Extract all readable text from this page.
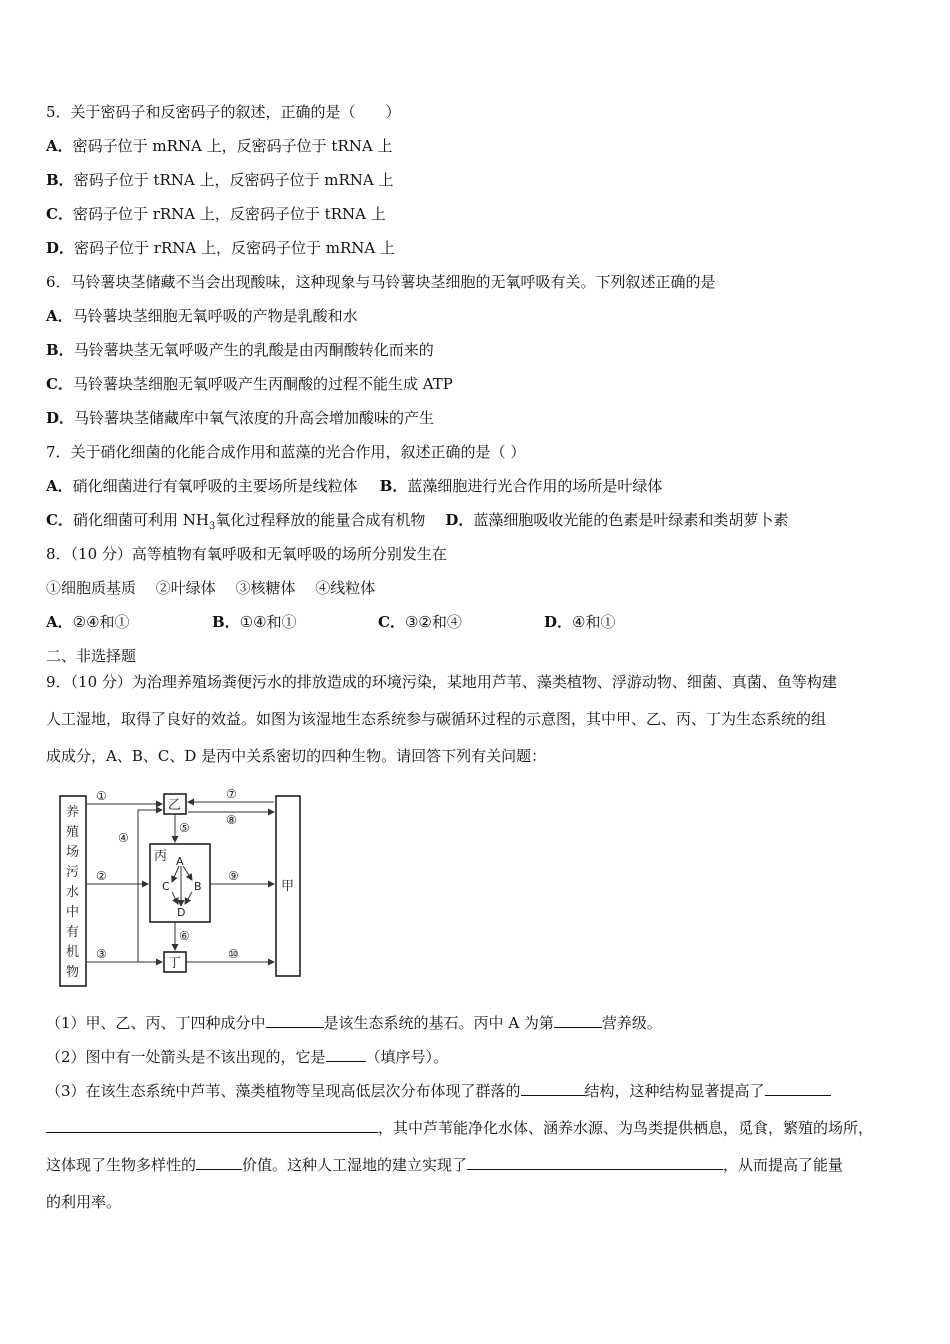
5．关于密码子和反密码子的叙述，正确的是（　　）
A．密码子位于 mRNA 上，反密码子位于 tRNA 上
B．密码子位于 tRNA 上，反密码子位于 mRNA 上
C．密码子位于 rRNA 上，反密码子位于 tRNA 上
D．密码子位于 rRNA 上，反密码子位于 mRNA 上
6．马铃薯块茎储藏不当会出现酸味，这种现象与马铃薯块茎细胞的无氧呼吸有关。下列叙述正确的是
A．马铃薯块茎细胞无氧呼吸的产物是乳酸和水
B．马铃薯块茎无氧呼吸产生的乳酸是由丙酮酸转化而来的
C．马铃薯块茎细胞无氧呼吸产生丙酮酸的过程不能生成 ATP
D．马铃薯块茎储藏库中氧气浓度的升高会增加酸味的产生
7．关于硝化细菌的化能合成作用和蓝藻的光合作用，叙述正确的是（ ）
A．硝化细菌进行有氧呼吸的主要场所是线粒体 B．蓝藻细胞进行光合作用的场所是叶绿体
C．硝化细菌可利用 $NH_3$氧化过程释放的能量合成有机物 D．蓝藻细胞吸收光能的色素是叶绿素和类胡萝卜素
8．（10 分）高等植物有氧呼吸和无氧呼吸的场所分别发生在
①细胞质基质　 ②叶绿体　 ③核糖体　 ④线粒体
A．②④和①	B．①④和①	C．③②和④	D．④和①
二、非选择题
9．（10 分）为治理养殖场粪便污水的排放造成的环境污染，某地用芦苇、藻类植物、浮游动物、细菌、真菌、鱼等构建
人工湿地，取得了良好的效益。如图为该湿地生态系统参与碳循环过程的示意图，其中甲、乙、丙、丁为生态系统的组
成成分，A、B、C、D 是丙中关系密切的四种生物。请回答下列有关问题：
养
殖
场
污
水
中
有
机
物
乙
丙
丁
甲
A
B
C
D
①
②
③
④
⑤
⑥
⑦
⑧
⑨
⑩
（1）甲、乙、丙、丁四种成分中	是该生态系统的基石。丙中 A 为第	营养级。
（2）图中有一处箭头是不该出现的，它是	（填序号）。
（3）在该生态系统中芦苇、藻类植物等呈现高低层次分布体现了群落的	结构，这种结构显著提高了
，其中芦苇能净化水体、涵养水源、为鸟类提供栖息，觅食，繁殖的场所，
这体现了生物多样性的	价值。这种人工湿地的建立实现了	，从而提高了能量
的利用率。
